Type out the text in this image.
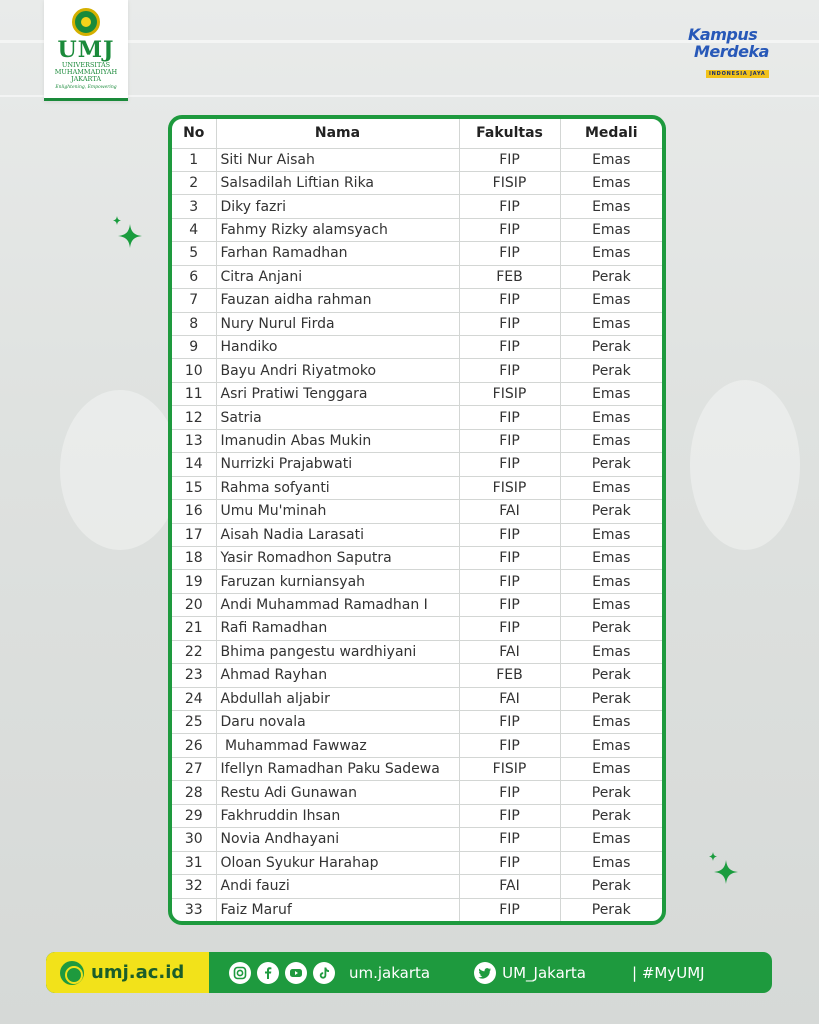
UMJ
UNIVERSITAS
MUHAMMADIYAH
JAKARTA
Enlightening, Empowering
Kampus
Merdeka
INDONESIA JAYA
No	Nama	Fakultas	Medali
1	Siti Nur Aisah	FIP	Emas
2	Salsadilah Liftian Rika	FISIP	Emas
3	Diky fazri	FIP	Emas
4	Fahmy Rizky alamsyach	FIP	Emas
5	Farhan Ramadhan	FIP	Emas
6	Citra Anjani	FEB	Perak
7	Fauzan aidha rahman	FIP	Emas
8	Nury Nurul Firda	FIP	Emas
9	Handiko	FIP	Perak
10	Bayu Andri Riyatmoko	FIP	Perak
11	Asri Pratiwi Tenggara	FISIP	Emas
12	Satria	FIP	Emas
13	Imanudin Abas Mukin	FIP	Emas
14	Nurrizki Prajabwati	FIP	Perak
15	Rahma sofyanti	FISIP	Emas
16	Umu Mu'minah	FAI	Perak
17	Aisah Nadia Larasati	FIP	Emas
18	Yasir Romadhon Saputra	FIP	Emas
19	Faruzan kurniansyah	FIP	Emas
20	Andi Muhammad Ramadhan I	FIP	Emas
21	Rafi Ramadhan	FIP	Perak
22	Bhima pangestu wardhiyani	FAI	Emas
23	Ahmad Rayhan	FEB	Perak
24	Abdullah aljabir	FAI	Perak
25	Daru novala	FIP	Emas
26	Muhammad Fawwaz	FIP	Emas
27	Ifellyn Ramadhan Paku Sadewa	FISIP	Emas
28	Restu Adi Gunawan	FIP	Perak
29	Fakhruddin Ihsan	FIP	Perak
30	Novia Andhayani	FIP	Emas
31	Oloan Syukur Harahap	FIP	Emas
32	Andi fauzi	FAI	Perak
33	Faiz Maruf	FIP	Perak
umj.ac.id	um.jakarta	UM_Jakarta	| #MyUMJ
